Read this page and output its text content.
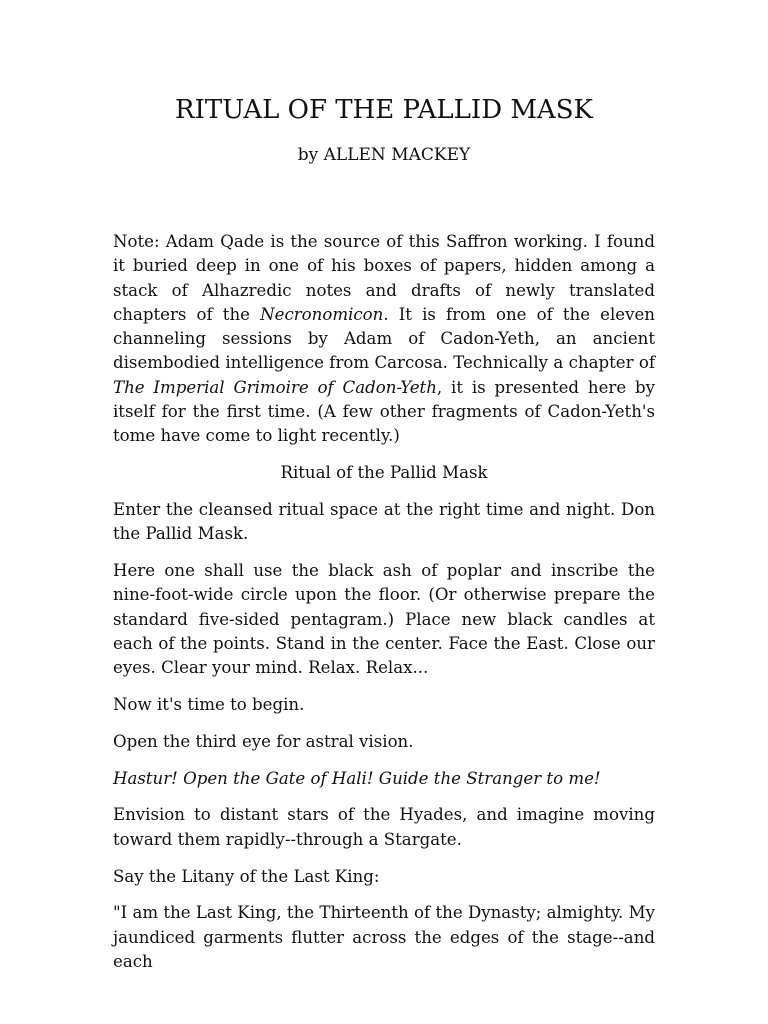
RITUAL OF THE PALLID MASK

by ALLEN MACKEY

Note: Adam Qade is the source of this Saffron working. I found it buried deep in one of his boxes of papers, hidden among a stack of Alhazredic notes and drafts of newly translated chapters of the Necronomicon. It is from one of the eleven channeling sessions by Adam of Cadon-Yeth, an ancient disembodied intelligence from Carcosa. Technically a chapter of The Imperial Grimoire of Cadon-Yeth, it is presented here by itself for the first time. (A few other fragments of Cadon-Yeth's tome have come to light recently.)

Ritual of the Pallid Mask

Enter the cleansed ritual space at the right time and night. Don the Pallid Mask.

Here one shall use the black ash of poplar and inscribe the nine-foot-wide circle upon the floor. (Or otherwise prepare the standard five-sided pentagram.) Place new black candles at each of the points. Stand in the center. Face the East. Close our eyes. Clear your mind. Relax. Relax...

Now it's time to begin.

Open the third eye for astral vision.

Hastur! Open the Gate of Hali! Guide the Stranger to me!

Envision to distant stars of the Hyades, and imagine moving toward them rapidly--through a Stargate.

Say the Litany of the Last King:

"I am the Last King, the Thirteenth of the Dynasty; almighty. My jaundiced garments flutter across the edges of the stage--and each
